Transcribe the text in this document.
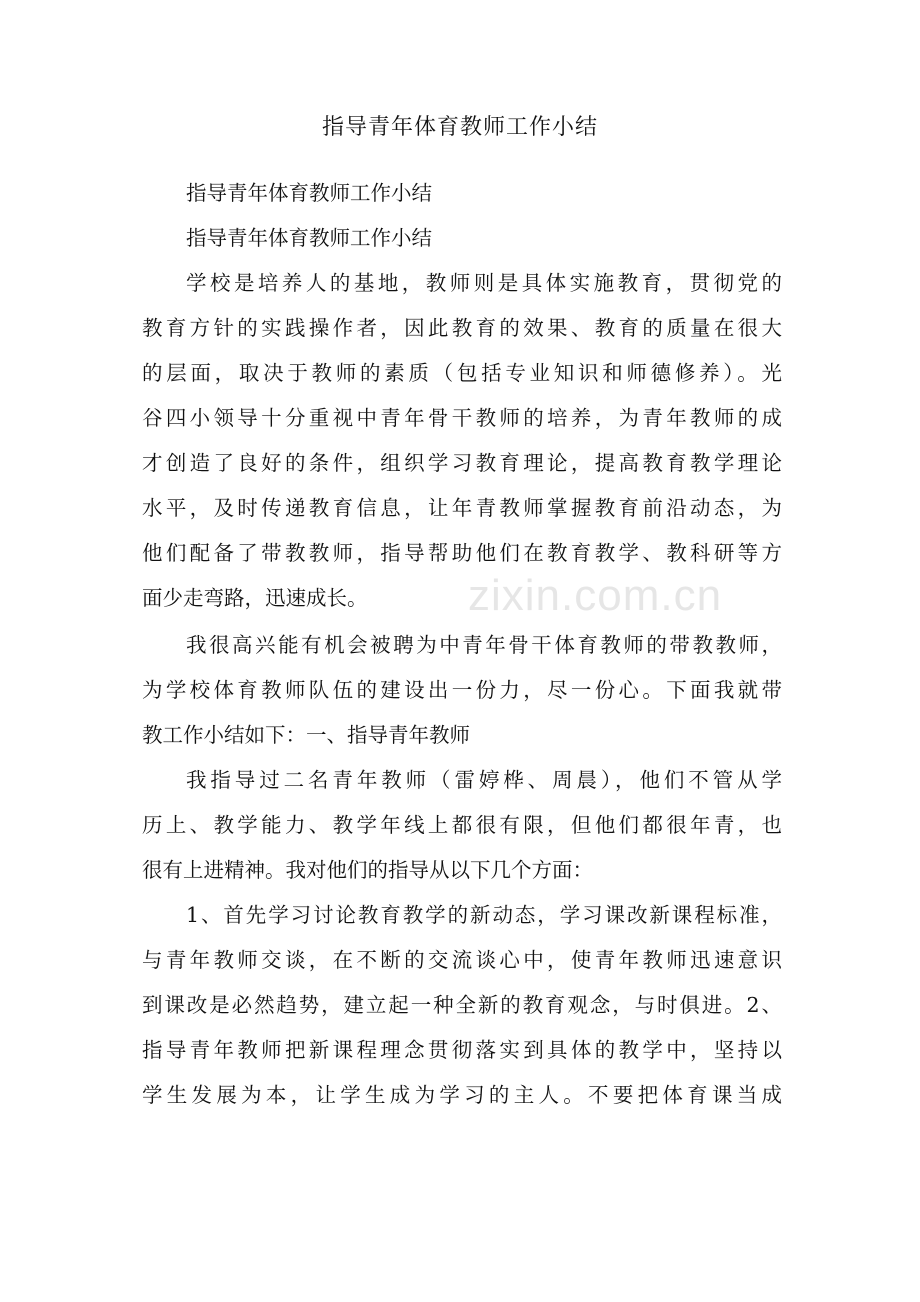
zixin.com.cn
指导青年体育教师工作小结
指导青年体育教师工作小结
指导青年体育教师工作小结
学校是培养人的基地，教师则是具体实施教育，贯彻党的
教育方针的实践操作者，因此教育的效果、教育的质量在很大
的层面，取决于教师的素质（包括专业知识和师德修养）。光
谷四小领导十分重视中青年骨干教师的培养，为青年教师的成
才创造了良好的条件，组织学习教育理论，提高教育教学理论
水平，及时传递教育信息，让年青教师掌握教育前沿动态，为
他们配备了带教教师，指导帮助他们在教育教学、教科研等方
面少走弯路，迅速成长。
我很高兴能有机会被聘为中青年骨干体育教师的带教教师，
为学校体育教师队伍的建设出一份力，尽一份心。下面我就带
教工作小结如下：一、指导青年教师
我指导过二名青年教师（雷婷桦、周晨），他们不管从学
历上、教学能力、教学年线上都很有限，但他们都很年青，也
很有上进精神。我对他们的指导从以下几个方面：
1、首先学习讨论教育教学的新动态，学习课改新课程标准，
与青年教师交谈，在不断的交流谈心中，使青年教师迅速意识
到课改是必然趋势，建立起一种全新的教育观念，与时俱进。2、
指导青年教师把新课程理念贯彻落实到具体的教学中，坚持以
学生发展为本，让学生成为学习的主人。不要把体育课当成
